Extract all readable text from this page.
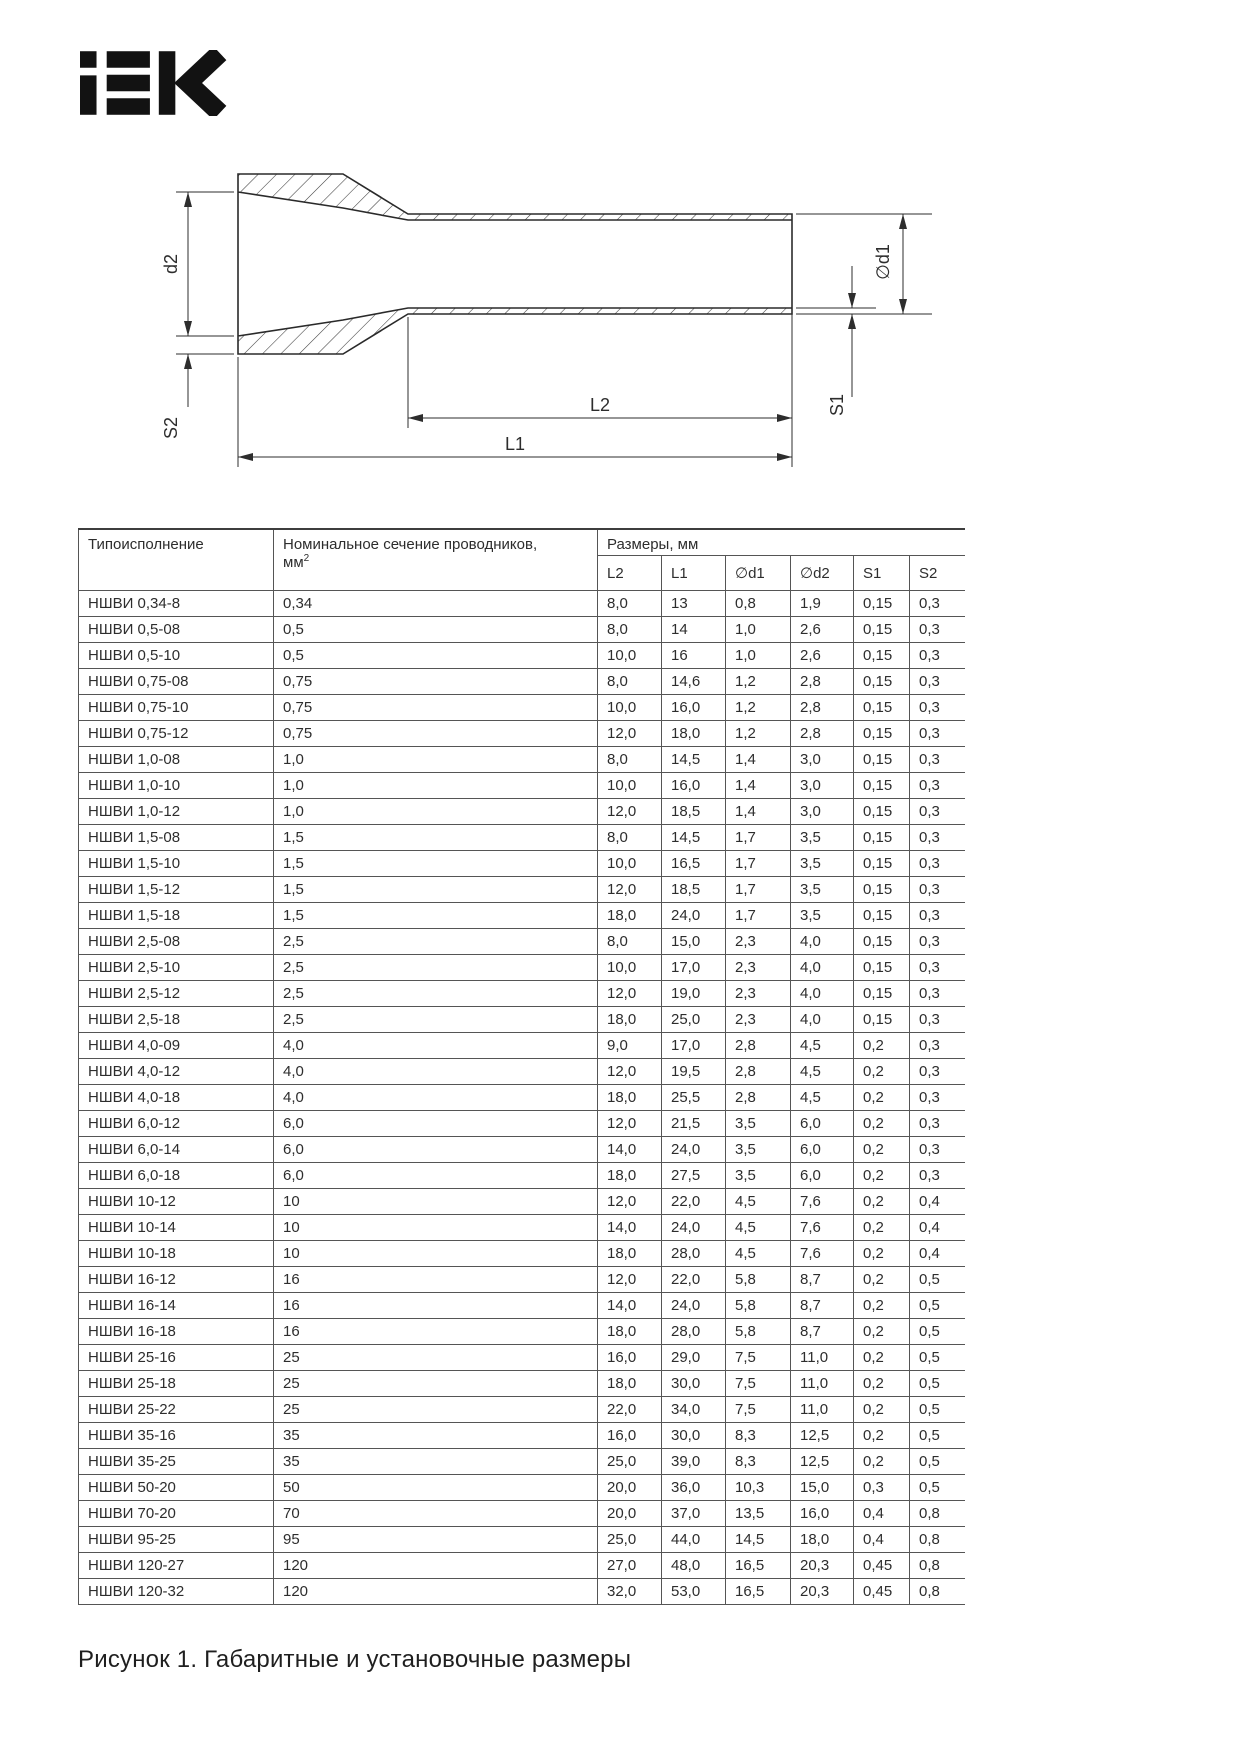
d2
S2
L2
L1
∅d1
S1
Типоисполнение	Номинальное сечение проводников,
$мм^2$	Размеры, мм					
		L2	L1	∅d1	∅d2	S1	S2
НШВИ 0,34-8	0,34	8,0	13	0,8	1,9	0,15	0,3
НШВИ 0,5-08	0,5	8,0	14	1,0	2,6	0,15	0,3
НШВИ 0,5-10	0,5	10,0	16	1,0	2,6	0,15	0,3
НШВИ 0,75-08	0,75	8,0	14,6	1,2	2,8	0,15	0,3
НШВИ 0,75-10	0,75	10,0	16,0	1,2	2,8	0,15	0,3
НШВИ 0,75-12	0,75	12,0	18,0	1,2	2,8	0,15	0,3
НШВИ 1,0-08	1,0	8,0	14,5	1,4	3,0	0,15	0,3
НШВИ 1,0-10	1,0	10,0	16,0	1,4	3,0	0,15	0,3
НШВИ 1,0-12	1,0	12,0	18,5	1,4	3,0	0,15	0,3
НШВИ 1,5-08	1,5	8,0	14,5	1,7	3,5	0,15	0,3
НШВИ 1,5-10	1,5	10,0	16,5	1,7	3,5	0,15	0,3
НШВИ 1,5-12	1,5	12,0	18,5	1,7	3,5	0,15	0,3
НШВИ 1,5-18	1,5	18,0	24,0	1,7	3,5	0,15	0,3
НШВИ 2,5-08	2,5	8,0	15,0	2,3	4,0	0,15	0,3
НШВИ 2,5-10	2,5	10,0	17,0	2,3	4,0	0,15	0,3
НШВИ 2,5-12	2,5	12,0	19,0	2,3	4,0	0,15	0,3
НШВИ 2,5-18	2,5	18,0	25,0	2,3	4,0	0,15	0,3
НШВИ 4,0-09	4,0	9,0	17,0	2,8	4,5	0,2	0,3
НШВИ 4,0-12	4,0	12,0	19,5	2,8	4,5	0,2	0,3
НШВИ 4,0-18	4,0	18,0	25,5	2,8	4,5	0,2	0,3
НШВИ 6,0-12	6,0	12,0	21,5	3,5	6,0	0,2	0,3
НШВИ 6,0-14	6,0	14,0	24,0	3,5	6,0	0,2	0,3
НШВИ 6,0-18	6,0	18,0	27,5	3,5	6,0	0,2	0,3
НШВИ 10-12	10	12,0	22,0	4,5	7,6	0,2	0,4
НШВИ 10-14	10	14,0	24,0	4,5	7,6	0,2	0,4
НШВИ 10-18	10	18,0	28,0	4,5	7,6	0,2	0,4
НШВИ 16-12	16	12,0	22,0	5,8	8,7	0,2	0,5
НШВИ 16-14	16	14,0	24,0	5,8	8,7	0,2	0,5
НШВИ 16-18	16	18,0	28,0	5,8	8,7	0,2	0,5
НШВИ 25-16	25	16,0	29,0	7,5	11,0	0,2	0,5
НШВИ 25-18	25	18,0	30,0	7,5	11,0	0,2	0,5
НШВИ 25-22	25	22,0	34,0	7,5	11,0	0,2	0,5
НШВИ 35-16	35	16,0	30,0	8,3	12,5	0,2	0,5
НШВИ 35-25	35	25,0	39,0	8,3	12,5	0,2	0,5
НШВИ 50-20	50	20,0	36,0	10,3	15,0	0,3	0,5
НШВИ 70-20	70	20,0	37,0	13,5	16,0	0,4	0,8
НШВИ 95-25	95	25,0	44,0	14,5	18,0	0,4	0,8
НШВИ 120-27	120	27,0	48,0	16,5	20,3	0,45	0,8
НШВИ 120-32	120	32,0	53,0	16,5	20,3	0,45	0,8
Рисунок 1. Габаритные и установочные размеры
